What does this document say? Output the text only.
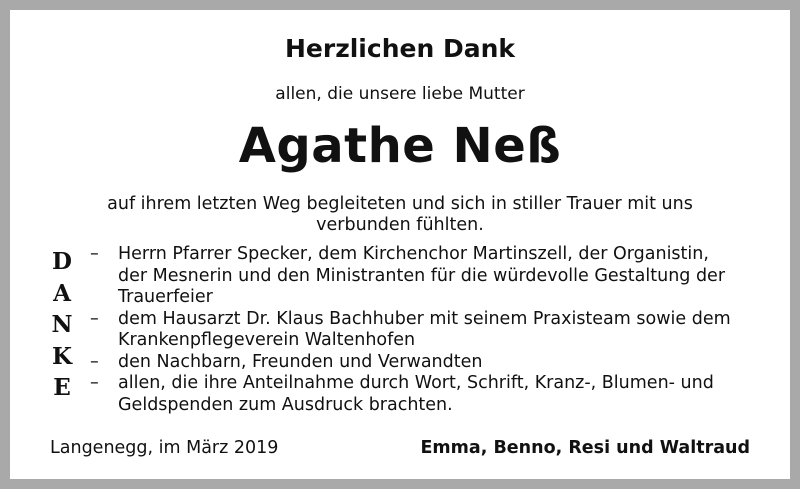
Herzlichen Dank
allen, die unsere liebe Mutter
Agathe Neß
auf ihrem letzten Weg begleiteten und sich in stiller Trauer mit uns
verbunden fühlten.
D
A
N
K
E
– Herrn Pfarrer Specker, dem Kirchenchor Martinszell, der Organistin,
der Mesnerin und den Ministranten für die würdevolle Gestaltung der
Trauerfeier
– dem Hausarzt Dr. Klaus Bachhuber mit seinem Praxisteam sowie dem
Krankenpflegeverein Waltenhofen
– den Nachbarn, Freunden und Verwandten
– allen, die ihre Anteilnahme durch Wort, Schrift, Kranz-, Blumen- und
Geldspenden zum Ausdruck brachten.
Langenegg, im März 2019	Emma, Benno, Resi und Waltraud
